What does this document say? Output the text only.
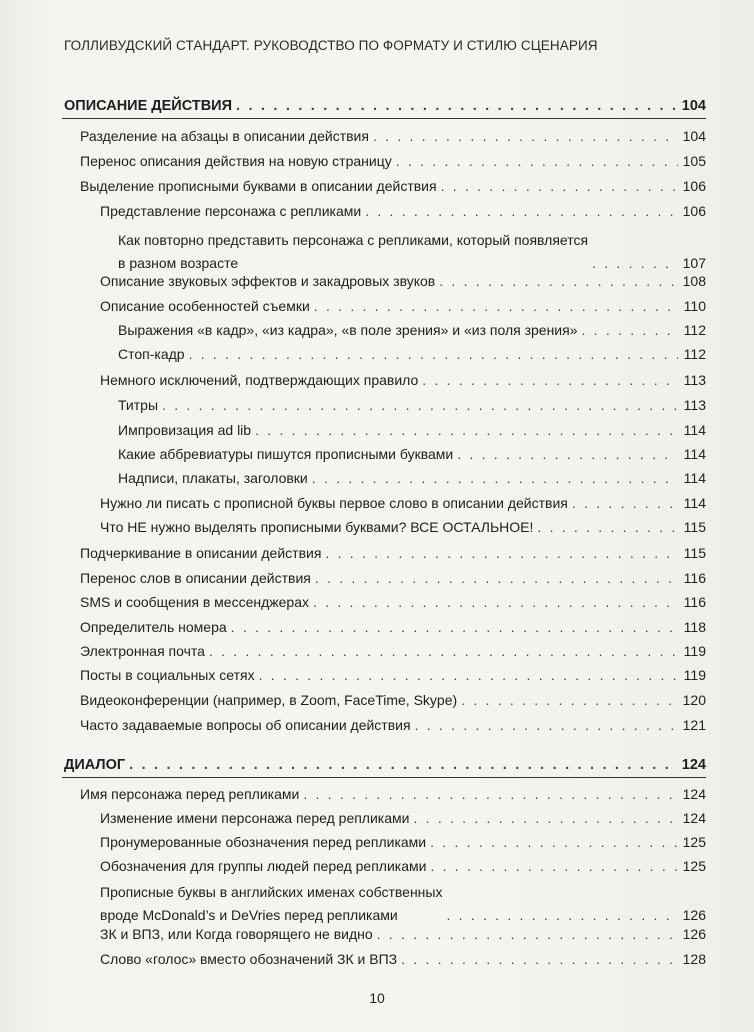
ГОЛЛИВУДСКИЙ СТАНДАРТ. РУКОВОДСТВО ПО ФОРМАТУ И СТИЛЮ СЦЕНАРИЯ
ОПИСАНИЕ ДЕЙСТВИЯ . . .	104
Разделение на абзацы в описании действия . . .	104
Перенос описания действия на новую страницу . . .	105
Выделение прописными буквами в описании действия . . .	106
Представление персонажа с репликами . . .	106
Как повторно представить персонажа с репликами, который появляется
в разном возрасте . . .	107
Описание звуковых эффектов и закадровых звуков . . .	108
Описание особенностей съемки . . .	110
Выражения «в кадр», «из кадра», «в поле зрения» и «из поля зрения» . . .	112
Стоп-кадр . . .	112
Немного исключений, подтверждающих правило . . .	113
Титры . . .	113
Импровизация ad lib . . .	114
Какие аббревиатуры пишутся прописными буквами . . .	114
Надписи, плакаты, заголовки . . .	114
Нужно ли писать с прописной буквы первое слово в описании действия . . .	114
Что НЕ нужно выделять прописными буквами? ВСЕ ОСТАЛЬНОЕ! . . .	115
Подчеркивание в описании действия . . .	115
Перенос слов в описании действия . . .	116
SMS и сообщения в мессенджерах . . .	116
Определитель номера . . .	118
Электронная почта . . .	119
Посты в социальных сетях . . .	119
Видеоконференции (например, в Zoom, FaceTime, Skype) . . .	120
Часто задаваемые вопросы об описании действия . . .	121
ДИАЛОГ . . .	124
Имя персонажа перед репликами . . .	124
Изменение имени персонажа перед репликами . . .	124
Пронумерованные обозначения перед репликами . . .	125
Обозначения для группы людей перед репликами . . .	125
Прописные буквы в английских именах собственных
вроде McDonald’s и DeVries перед репликами . . .	126
ЗК и ВПЗ, или Когда говорящего не видно . . .	126
Слово «голос» вместо обозначений ЗК и ВПЗ . . .	128
10
